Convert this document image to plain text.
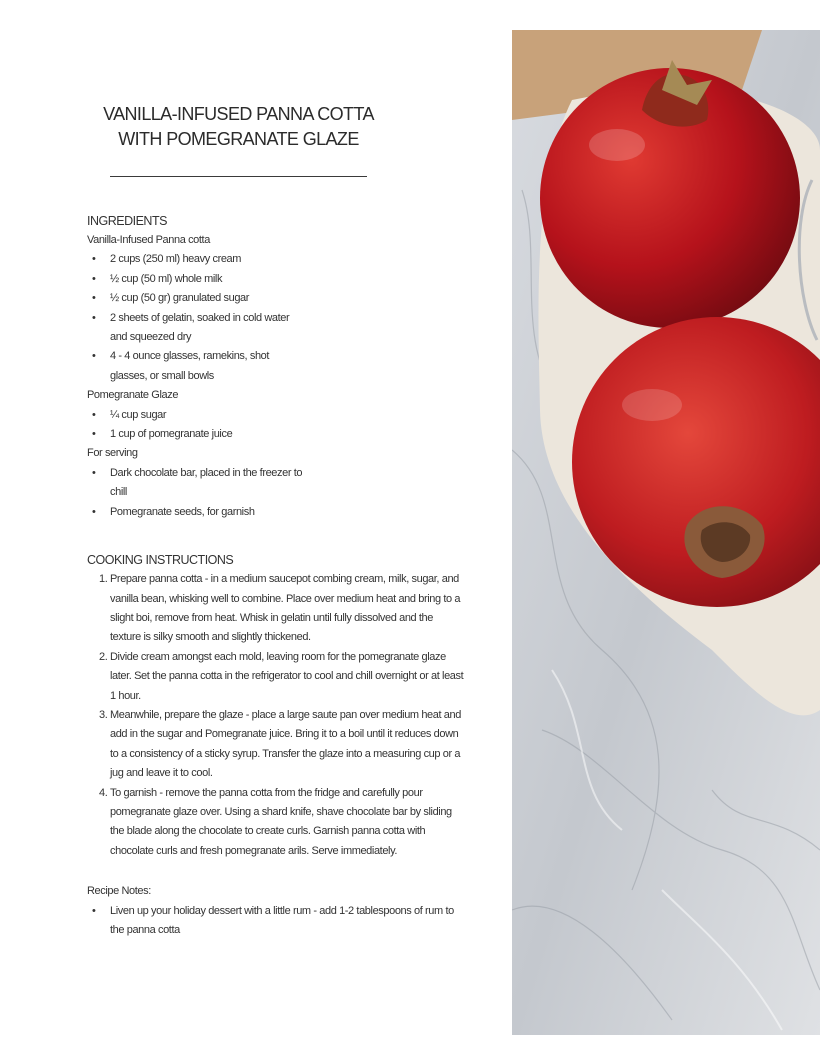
VANILLA-INFUSED PANNA COTTA
WITH POMEGRANATE GLAZE
INGREDIENTS
Vanilla-Infused Panna cotta
• 2 cups (250 ml) heavy cream
• ½ cup (50 ml) whole milk
• ½ cup (50 gr) granulated sugar
• 2 sheets of gelatin, soaked in cold water and squeezed dry
• 4 - 4 ounce glasses, ramekins, shot glasses, or small bowls
Pomegranate Glaze
• ¼ cup sugar
• 1 cup of pomegranate juice
For serving
• Dark chocolate bar, placed in the freezer to chill
• Pomegranate seeds, for garnish
COOKING INSTRUCTIONS
1. Prepare panna cotta - in a medium saucepot combing cream, milk, sugar, and vanilla bean, whisking well to combine. Place over medium heat and bring to a slight boi, remove from heat. Whisk in gelatin until fully dissolved and the texture is silky smooth and slightly thickened.
2. Divide cream amongst each mold, leaving room for the pomegranate glaze later. Set the panna cotta in the refrigerator to cool and chill overnight or at least 1 hour.
3. Meanwhile, prepare the glaze - place a large saute pan over medium heat and add in the sugar and Pomegranate juice. Bring it to a boil until it reduces down to a consistency of a sticky syrup. Transfer the glaze into a measuring cup or a jug and leave it to cool.
4. To garnish - remove the panna cotta from the fridge and carefully pour pomegranate glaze over. Using a shard knife, shave chocolate bar by sliding the blade along the chocolate to create curls. Garnish panna cotta with chocolate curls and fresh pomegranate arils. Serve immediately.
Recipe Notes:
• Liven up your holiday dessert with a little rum - add 1-2 tablespoons of rum to the panna cotta
